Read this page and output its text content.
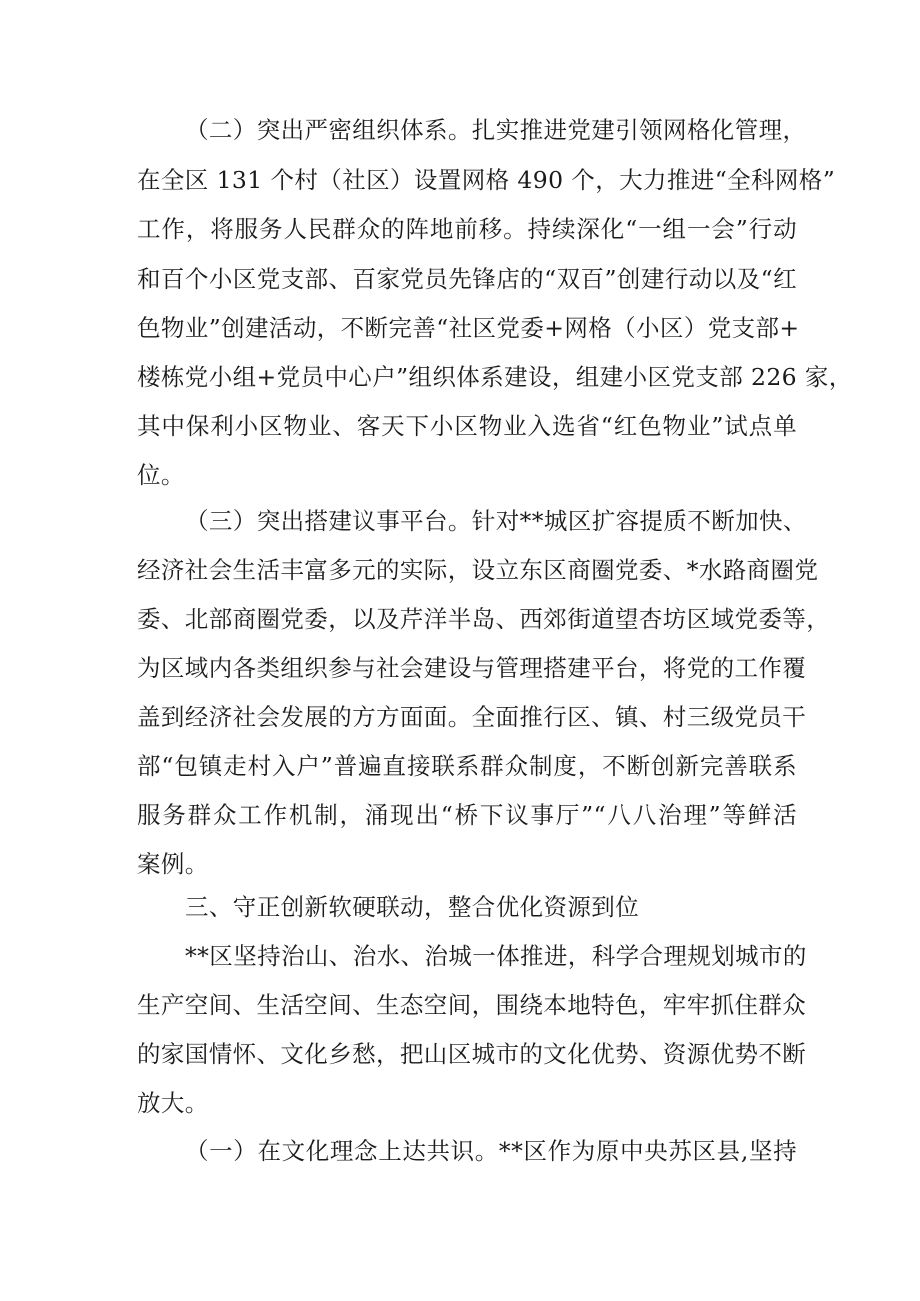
（二）突出严密组织体系。扎实推进党建引领网格化管理，
在全区 131 个村（社区）设置网格 490 个，大力推进“全科网格”
工作，将服务人民群众的阵地前移。持续深化“一组一会”行动
和百个小区党支部、百家党员先锋店的“双百”创建行动以及“红
色物业”创建活动，不断完善“社区党委+网格（小区）党支部+
楼栋党小组+党员中心户”组织体系建设，组建小区党支部 226 家，
其中保利小区物业、客天下小区物业入选省“红色物业”试点单
位。
（三）突出搭建议事平台。针对**城区扩容提质不断加快、
经济社会生活丰富多元的实际，设立东区商圈党委、*水路商圈党
委、北部商圈党委，以及芹洋半岛、西郊街道望杏坊区域党委等，
为区域内各类组织参与社会建设与管理搭建平台，将党的工作覆
盖到经济社会发展的方方面面。全面推行区、镇、村三级党员干
部“包镇走村入户”普遍直接联系群众制度，不断创新完善联系
服务群众工作机制，涌现出“桥下议事厅”“八八治理”等鲜活
案例。
三、守正创新软硬联动，整合优化资源到位
**区坚持治山、治水、治城一体推进，科学合理规划城市的
生产空间、生活空间、生态空间，围绕本地特色，牢牢抓住群众
的家国情怀、文化乡愁，把山区城市的文化优势、资源优势不断
放大。
（一）在文化理念上达共识。**区作为原中央苏区县,坚持
